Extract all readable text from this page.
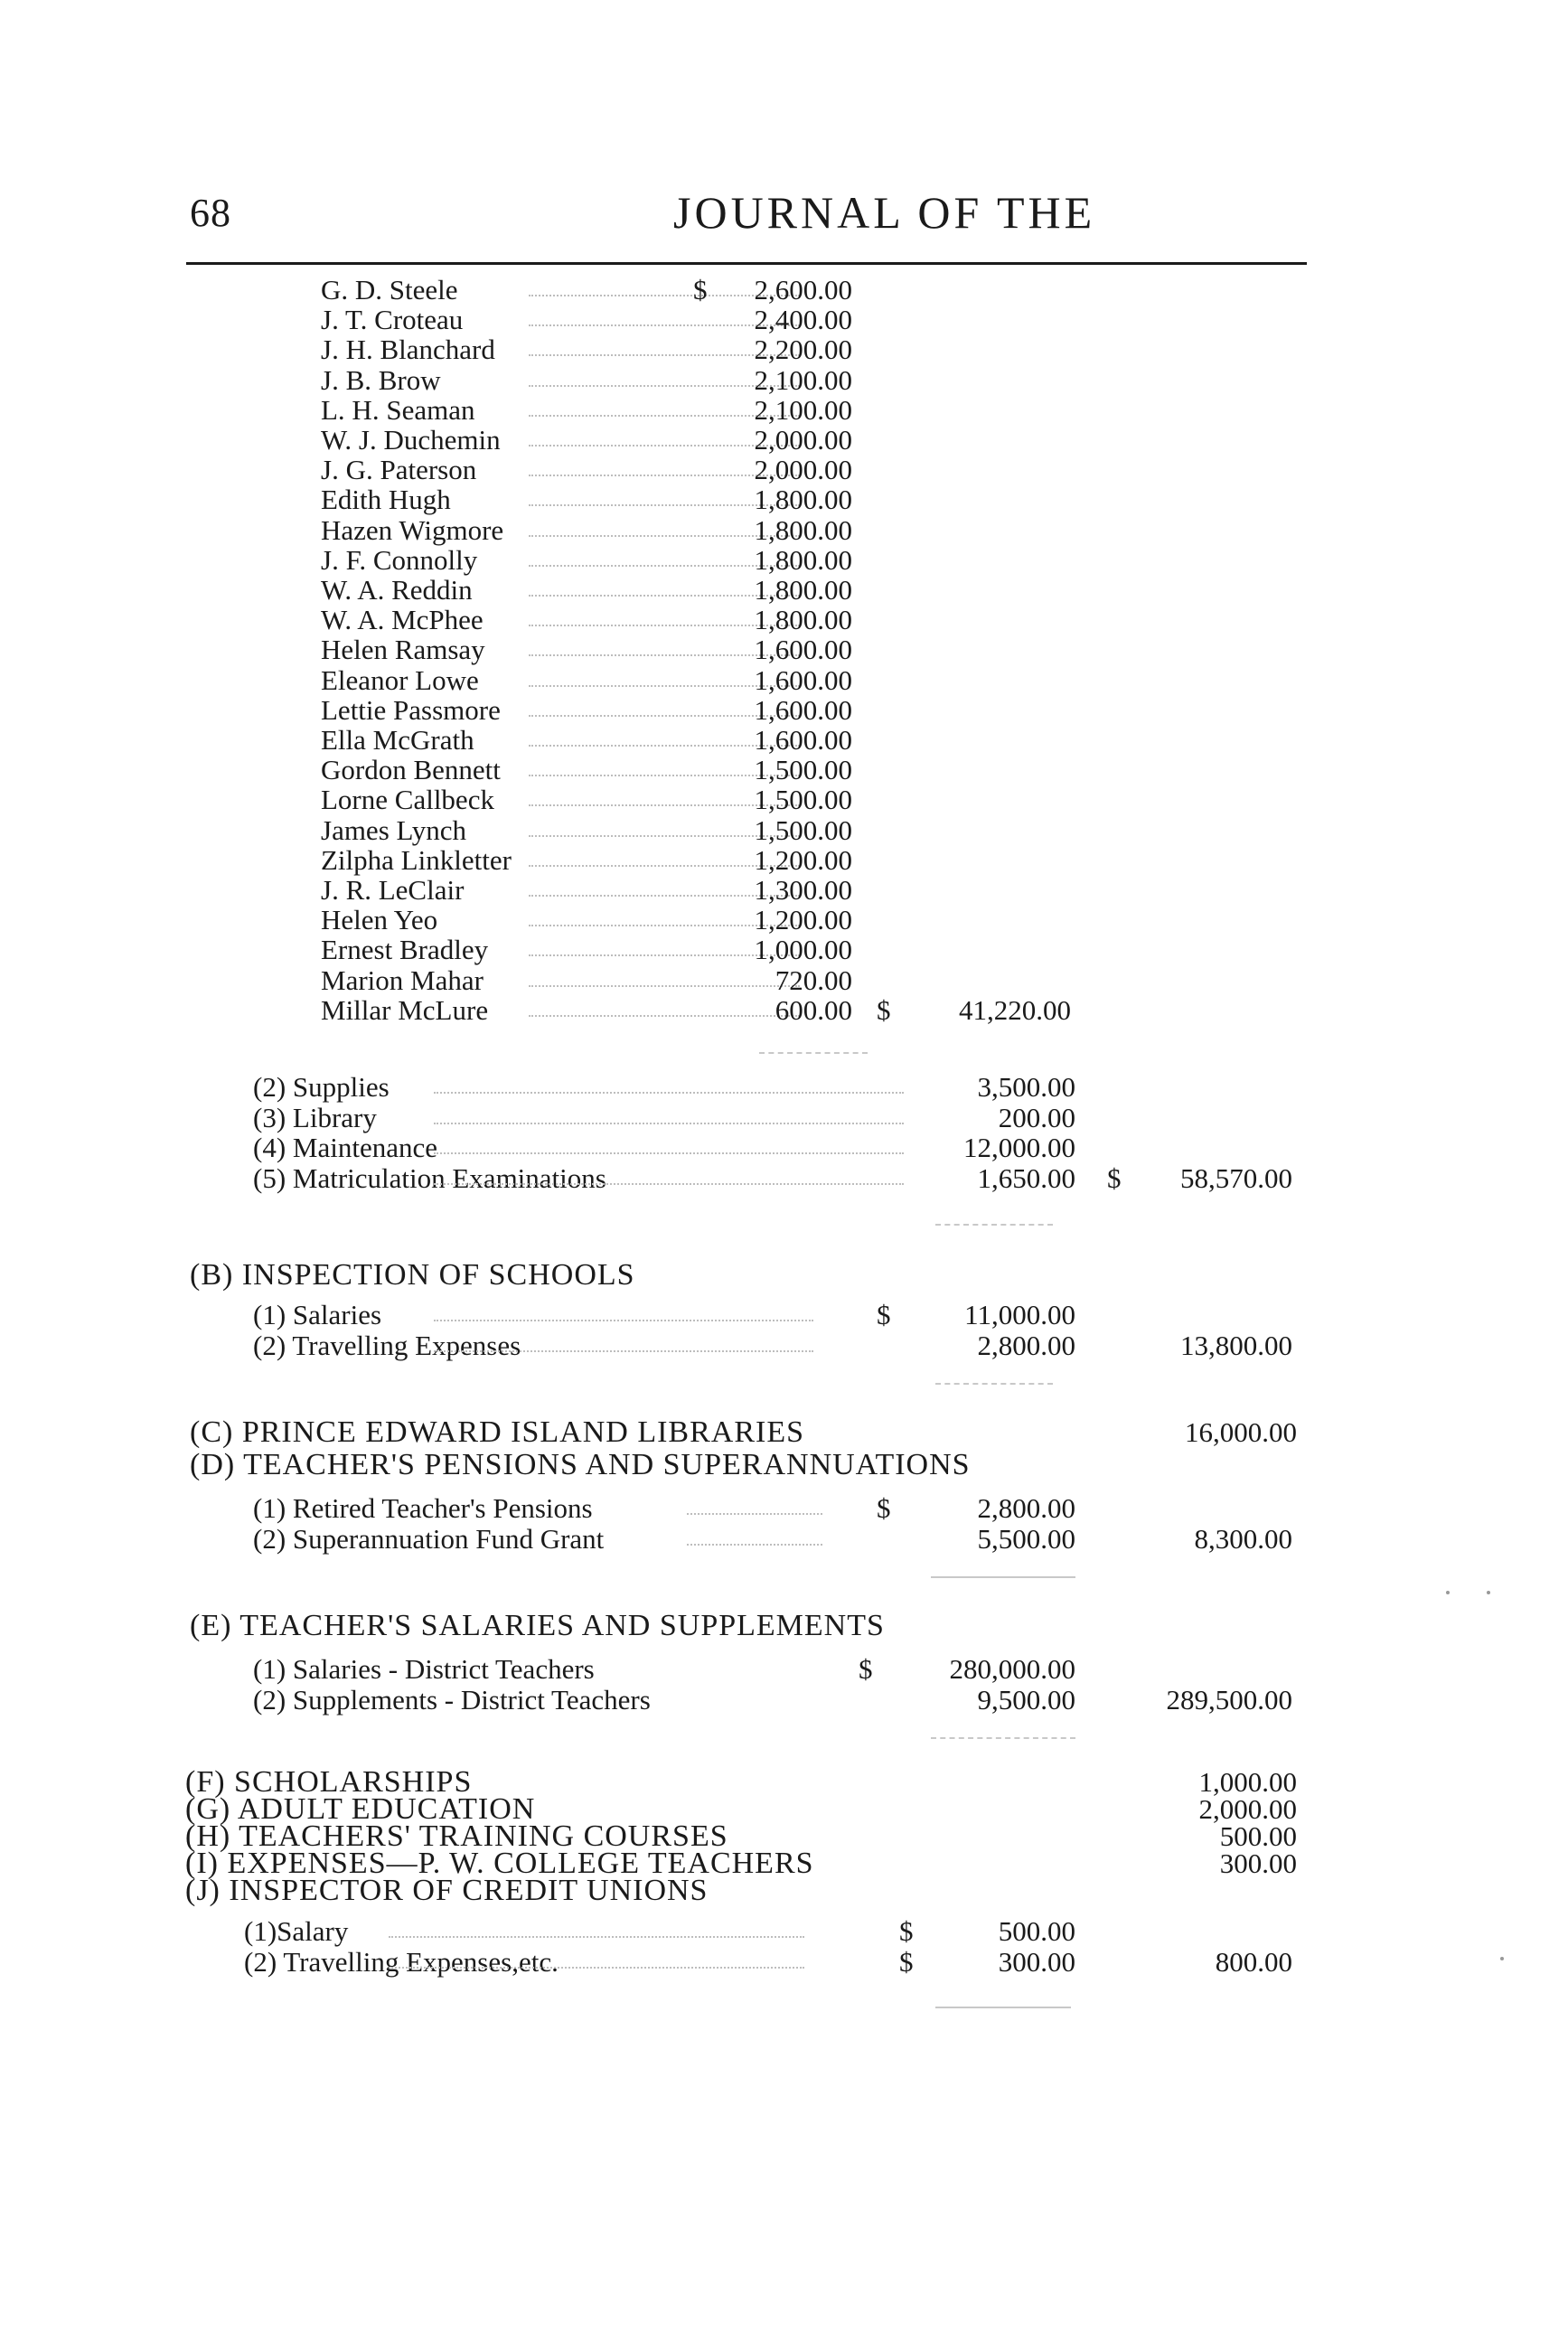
68	JOURNAL OF THE
G. D. Steele	$ 2,600.00
J. T. Croteau	2,400.00
J. H. Blanchard	2,200.00
J. B. Brow	2,100.00
L. H. Seaman	2,100.00
W. J. Duchemin	2,000.00
J. G. Paterson	2,000.00
Edith Hugh	1,800.00
Hazen Wigmore	1,800.00
J. F. Connolly	1,800.00
W. A. Reddin	1,800.00
W. A. McPhee	1,800.00
Helen Ramsay	1,600.00
Eleanor Lowe	1,600.00
Lettie Passmore	1,600.00
Ella McGrath	1,600.00
Gordon Bennett	1,500.00
Lorne Callbeck	1,500.00
James Lynch	1,500.00
Zilpha Linkletter	1,200.00
J. R. LeClair	1,300.00
Helen Yeo	1,200.00
Ernest Bradley	1,000.00
Marion Mahar	720.00
Millar McLure	600.00 $ 41,220.00
(2) Supplies	3,500.00
(3) Library	200.00
(4) Maintenance	12,000.00
(5) Matriculation Examinations	1,650.00 $ 58,570.00
(B) INSPECTION OF SCHOOLS
(1) Salaries	$	11,000.00
(2) Travelling Expenses	2,800.00	13,800.00
(C) PRINCE EDWARD ISLAND LIBRARIES	16,000.00
(D) TEACHER'S PENSIONS AND SUPERANNUATIONS
(1) Retired Teacher's Pensions	$	2,800.00
(2) Superannuation Fund Grant	5,500.00	8,300.00
(E) TEACHER'S SALARIES AND SUPPLEMENTS
(1) Salaries - District Teachers	$	280,000.00
(2) Supplements - District Teachers	9,500.00	289,500.00
(F) SCHOLARSHIPS	1,000.00
(G) ADULT EDUCATION	2,000.00
(H) TEACHERS' TRAINING COURSES	500.00
(I) EXPENSES—P. W. COLLEGE TEACHERS	300.00
(J) INSPECTOR OF CREDIT UNIONS
(1)Salary	$	500.00
(2) Travelling Expenses,etc.	$	300.00	800.00
